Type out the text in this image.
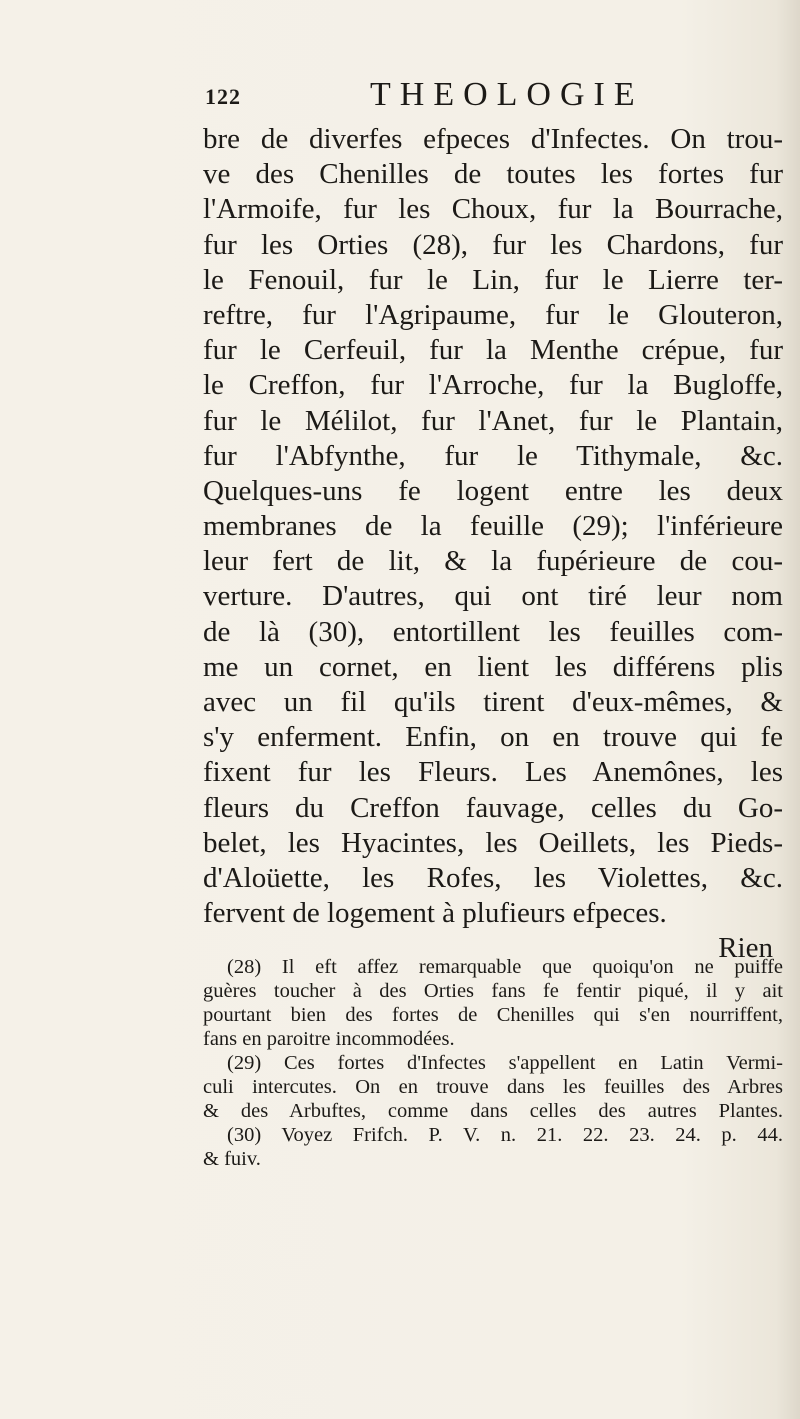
122	THEOLOGIE
bre de diverfes efpeces d'Infectes. On trou-
ve des Chenilles de toutes les fortes fur
l'Armoife, fur les Choux, fur la Bourrache,
fur les Orties (28), fur les Chardons, fur
le Fenouil, fur le Lin, fur le Lierre ter-
reftre, fur l'Agripaume, fur le Glouteron,
fur le Cerfeuil, fur la Menthe crépue, fur
le Creffon, fur l'Arroche, fur la Bugloffe,
fur le Mélilot, fur l'Anet, fur le Plantain,
fur l'Abfynthe, fur le Tithymale, &c.
Quelques-uns fe logent entre les deux
membranes de la feuille (29); l'inférieure
leur fert de lit, & la fupérieure de cou-
verture. D'autres, qui ont tiré leur nom
de là (30), entortillent les feuilles com-
me un cornet, en lient les différens plis
avec un fil qu'ils tirent d'eux-mêmes, &
s'y enferment. Enfin, on en trouve qui fe
fixent fur les Fleurs. Les Anemônes, les
fleurs du Creffon fauvage, celles du Go-
belet, les Hyacintes, les Oeillets, les Pieds-
d'Aloüette, les Rofes, les Violettes, &c.
fervent de logement à plufieurs efpeces.
Rien
(28) Il eft affez remarquable que quoiqu'on ne puiffe
guères toucher à des Orties fans fe fentir piqué, il y ait
pourtant bien des fortes de Chenilles qui s'en nourriffent,
fans en paroitre incommodées.
(29) Ces fortes d'Infectes s'appellent en Latin Vermi-
culi intercutes. On en trouve dans les feuilles des Arbres
& des Arbuftes, comme dans celles des autres Plantes.
(30) Voyez Frifch. P. V. n. 21. 22. 23. 24. p. 44.
& fuiv.
